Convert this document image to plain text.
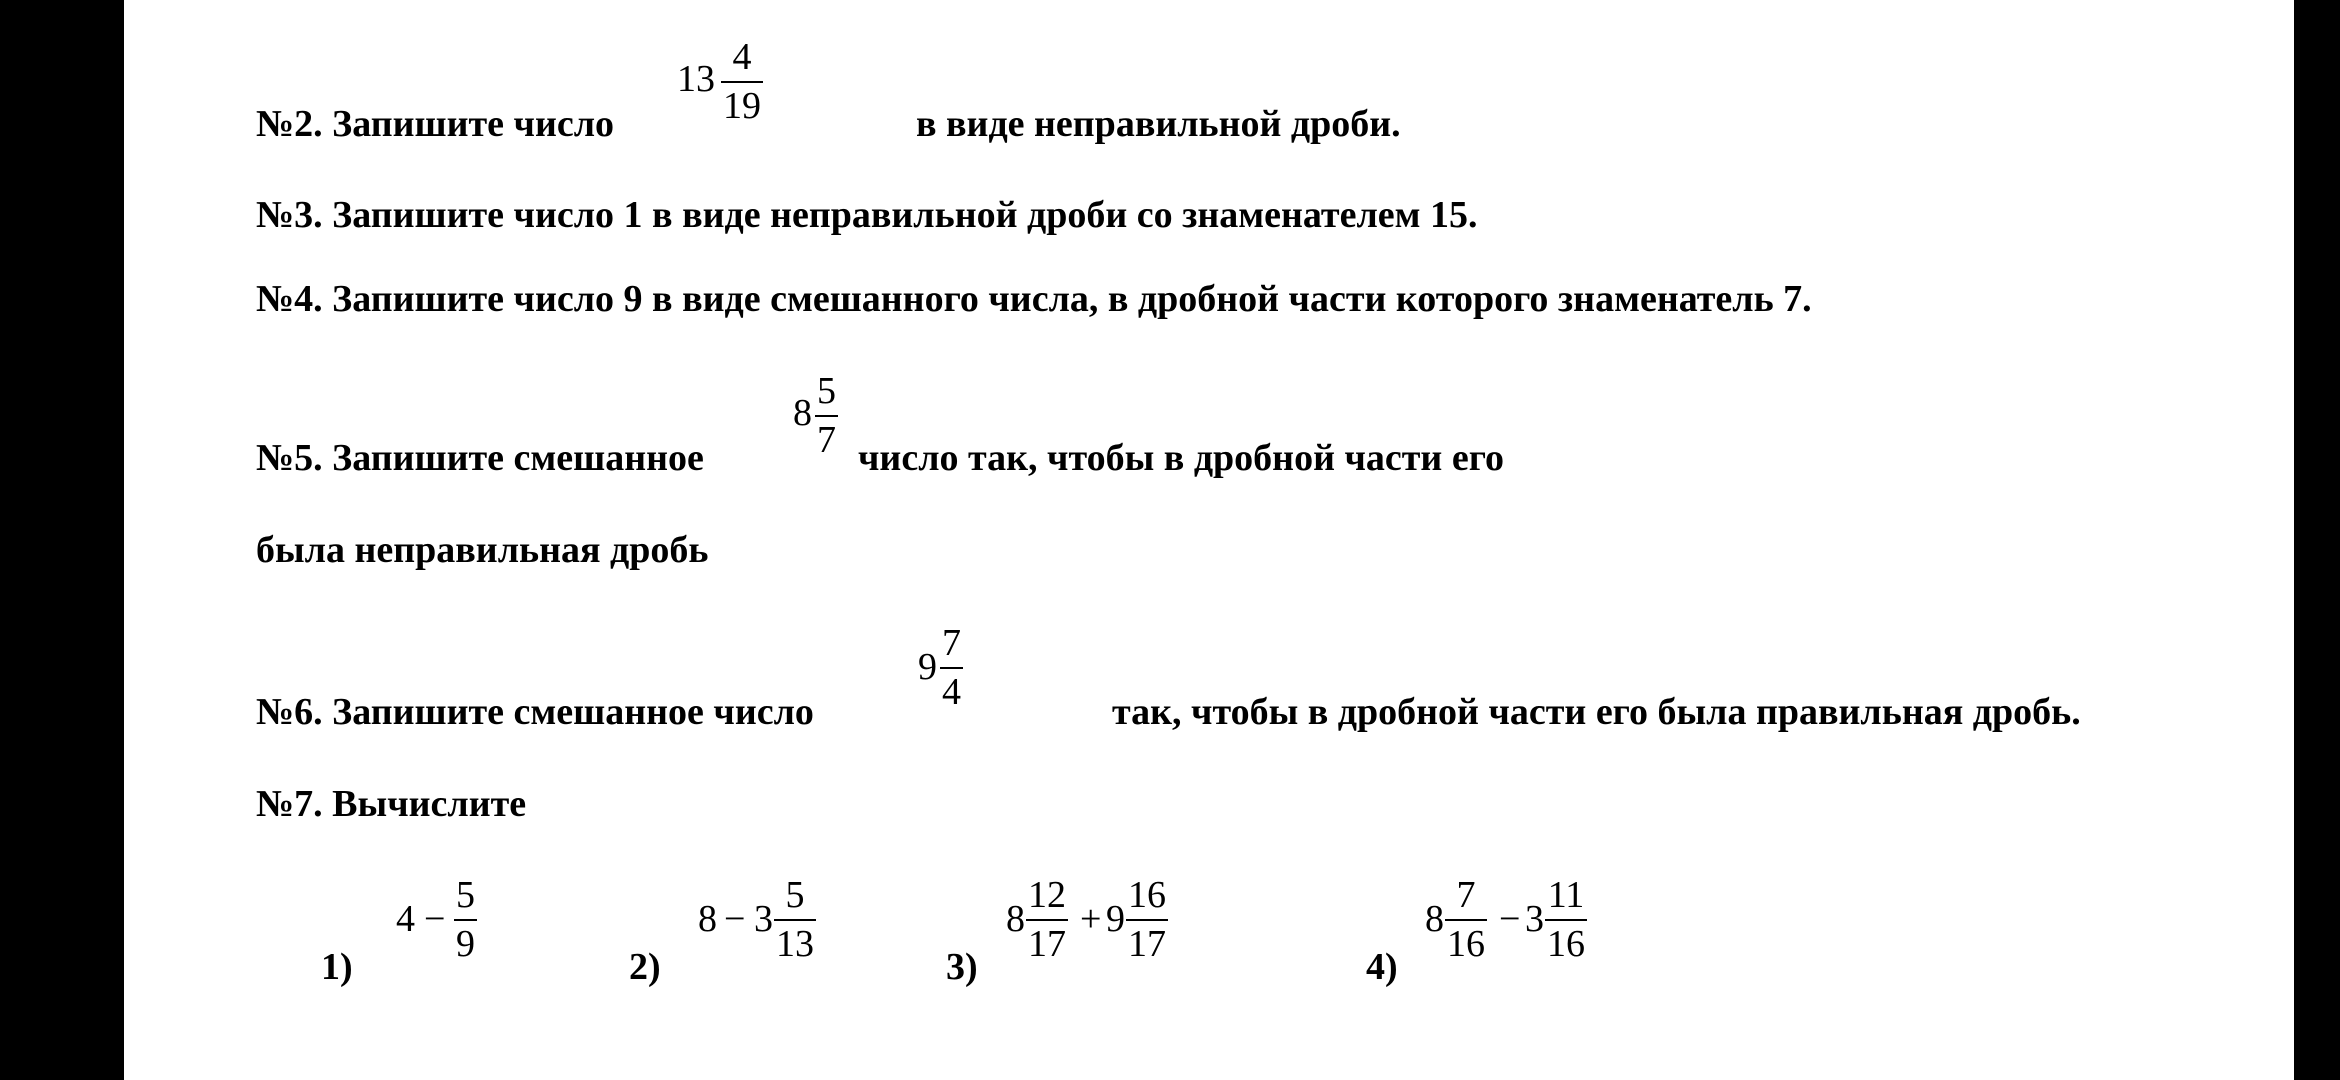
№2. Запишите число	в виде неправильной дроби.
13
4
19
№3. Запишите число 1 в виде неправильной дроби со знаменателем 15.
№4. Запишите число 9 в виде смешанного числа, в дробной части которого знаменатель 7.
№5. Запишите смешанное	число так, чтобы в дробной части его
8
5
7
была неправильная дробь
№6. Запишите смешанное число	так, чтобы в дробной части его была правильная дробь.
9
7
4
№7. Вычислите
1)
4 −
5
9
2)
8 − 3
5
13
3)
8
12
17
+ 9
16
17
4)
8
7
16
− 3
11
16
